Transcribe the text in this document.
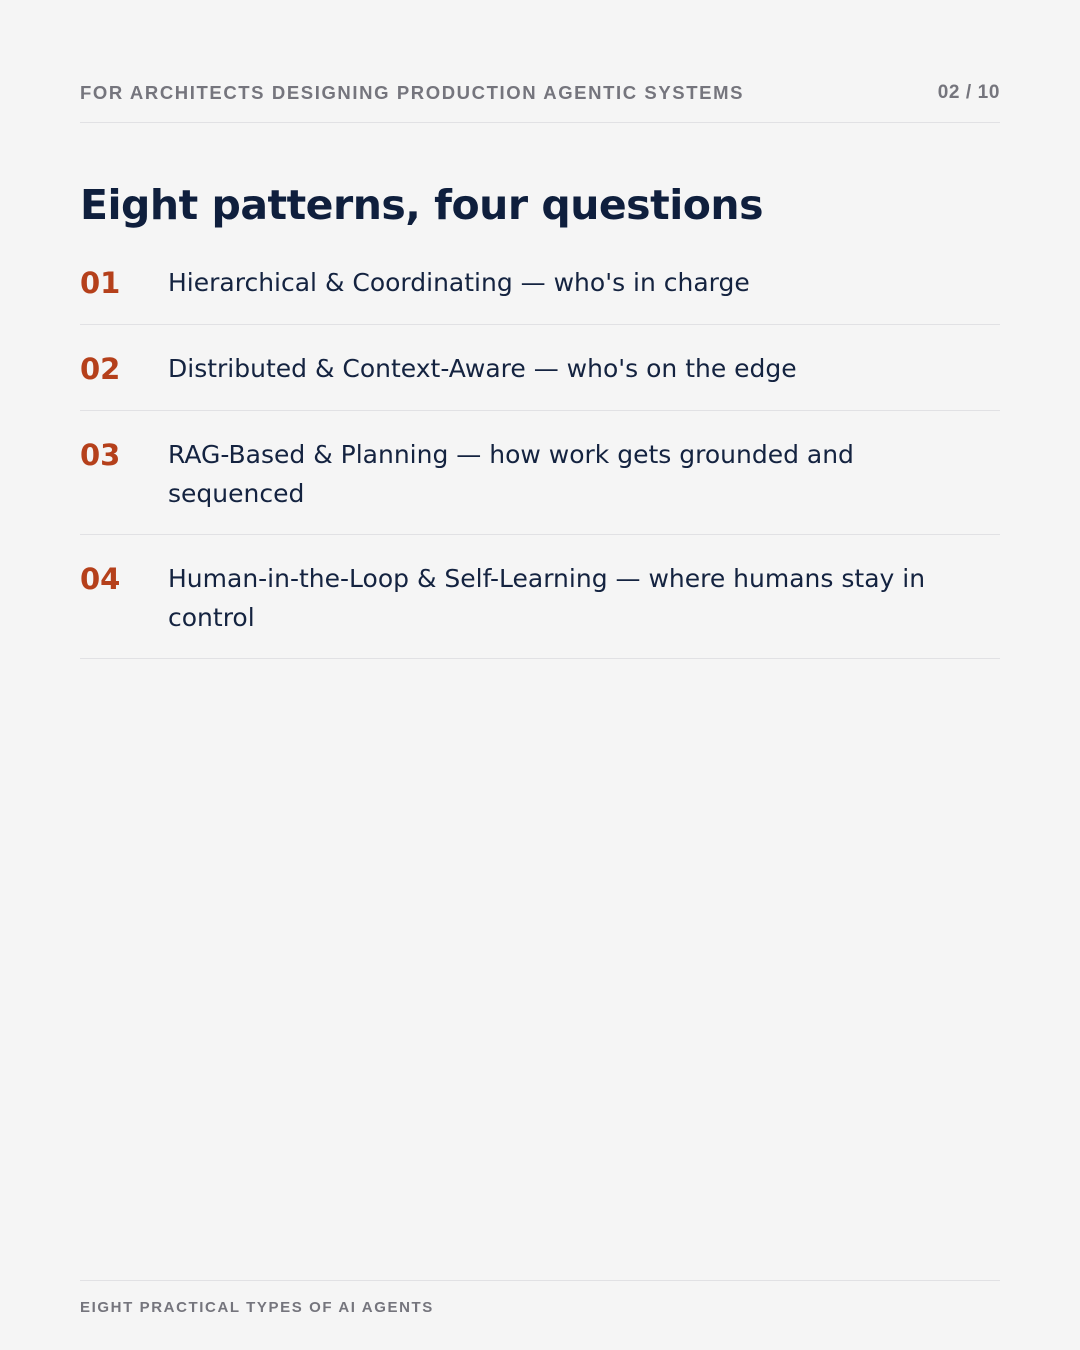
FOR ARCHITECTS DESIGNING PRODUCTION AGENTIC SYSTEMS	02 / 10
Eight patterns, four questions
01	Hierarchical & Coordinating — who's in charge
02	Distributed & Context-Aware — who's on the edge
03	RAG-Based & Planning — how work gets grounded and sequenced
04	Human-in-the-Loop & Self-Learning — where humans stay in control
EIGHT PRACTICAL TYPES OF AI AGENTS
